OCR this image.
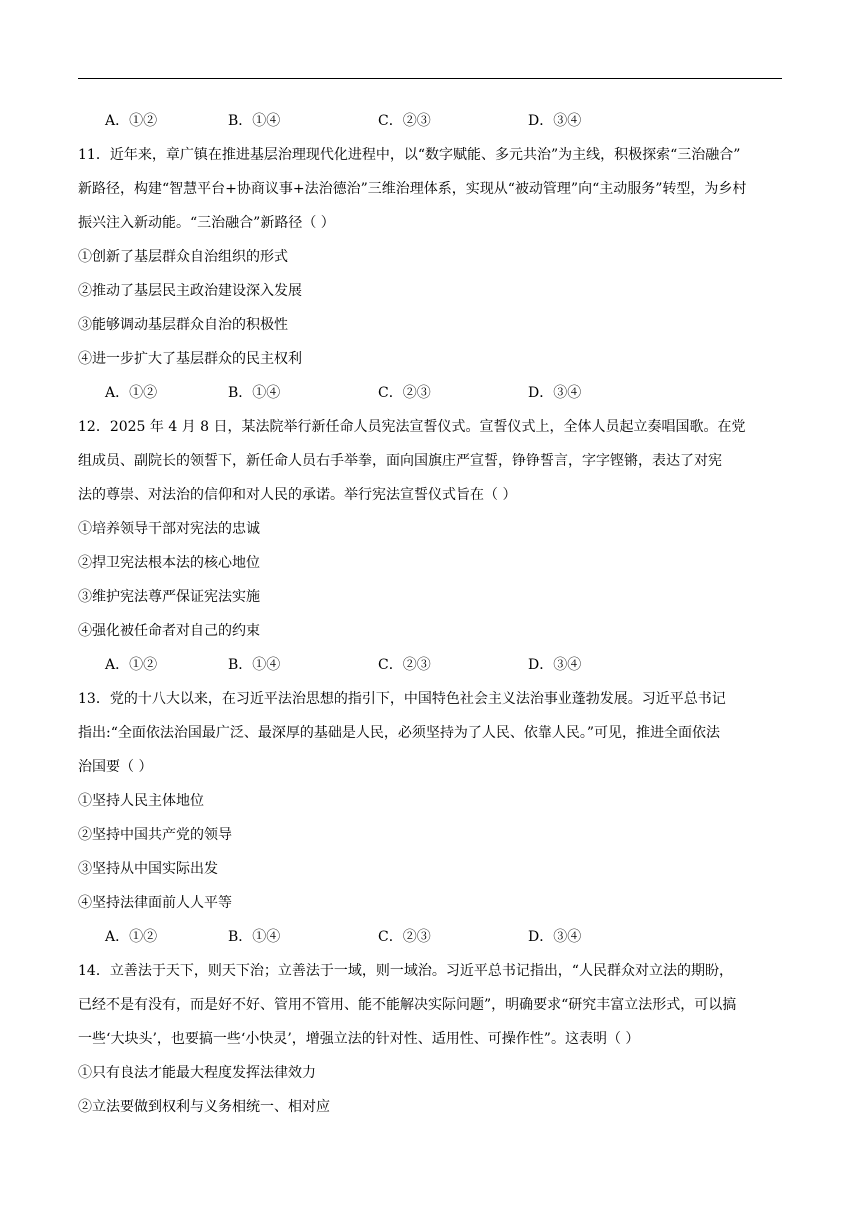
A．①②	B．①④	C．②③	D．③④
11．近年来，章广镇在推进基层治理现代化进程中，以“数字赋能、多元共治”为主线，积极探索“三治融合”
新路径，构建“智慧平台+协商议事+法治德治”三维治理体系，实现从“被动管理”向“主动服务”转型，为乡村
振兴注入新动能。“三治融合”新路径（ ）
①创新了基层群众自治组织的形式
②推动了基层民主政治建设深入发展
③能够调动基层群众自治的积极性
④进一步扩大了基层群众的民主权利
A．①②	B．①④	C．②③	D．③④
12．2025 年 4 月 8 日，某法院举行新任命人员宪法宣誓仪式。宣誓仪式上，全体人员起立奏唱国歌。在党
组成员、副院长的领誓下，新任命人员右手举拳，面向国旗庄严宣誓，铮铮誓言，字字铿锵，表达了对宪
法的尊崇、对法治的信仰和对人民的承诺。举行宪法宣誓仪式旨在（ ）
①培养领导干部对宪法的忠诚
②捍卫宪法根本法的核心地位
③维护宪法尊严保证宪法实施
④强化被任命者对自己的约束
A．①②	B．①④	C．②③	D．③④
13．党的十八大以来，在习近平法治思想的指引下，中国特色社会主义法治事业蓬勃发展。习近平总书记
指出:“全面依法治国最广泛、最深厚的基础是人民，必须坚持为了人民、依靠人民。”可见，推进全面依法
治国要（ ）
①坚持人民主体地位
②坚持中国共产党的领导
③坚持从中国实际出发
④坚持法律面前人人平等
A．①②	B．①④	C．②③	D．③④
14．立善法于天下，则天下治；立善法于一域，则一域治。习近平总书记指出，“人民群众对立法的期盼，
已经不是有没有，而是好不好、管用不管用、能不能解决实际问题”，明确要求“研究丰富立法形式，可以搞
一些‘大块头’，也要搞一些‘小快灵’，增强立法的针对性、适用性、可操作性”。这表明（ ）
①只有良法才能最大程度发挥法律效力
②立法要做到权利与义务相统一、相对应
